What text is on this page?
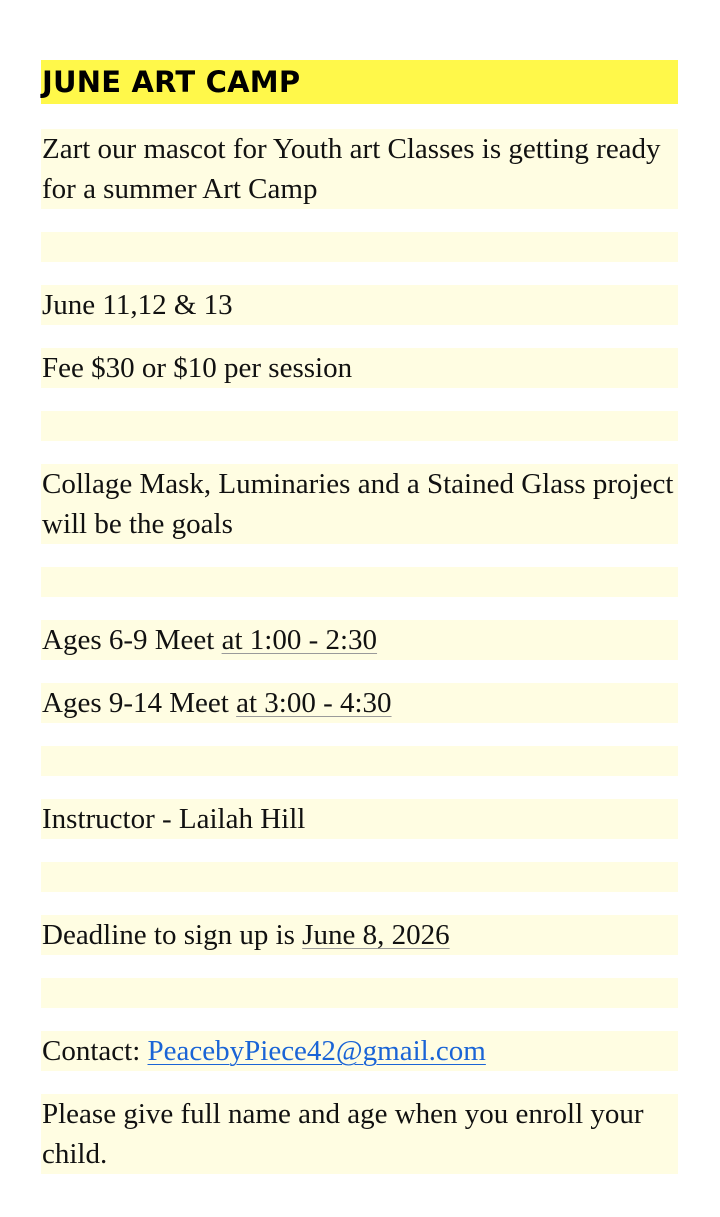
JUNE ART CAMP
Zart our mascot for Youth art Classes is getting ready for a summer Art Camp
June 11,12 & 13
Fee $30 or $10 per session
Collage Mask, Luminaries and a Stained Glass project will be the goals
Ages 6-9 Meet at 1:00 - 2:30
Ages 9-14 Meet at 3:00 - 4:30
Instructor - Lailah Hill
Deadline to sign up is June 8, 2026
Contact: PeacebyPiece42@gmail.com
Please give full name and age when you enroll your child.
